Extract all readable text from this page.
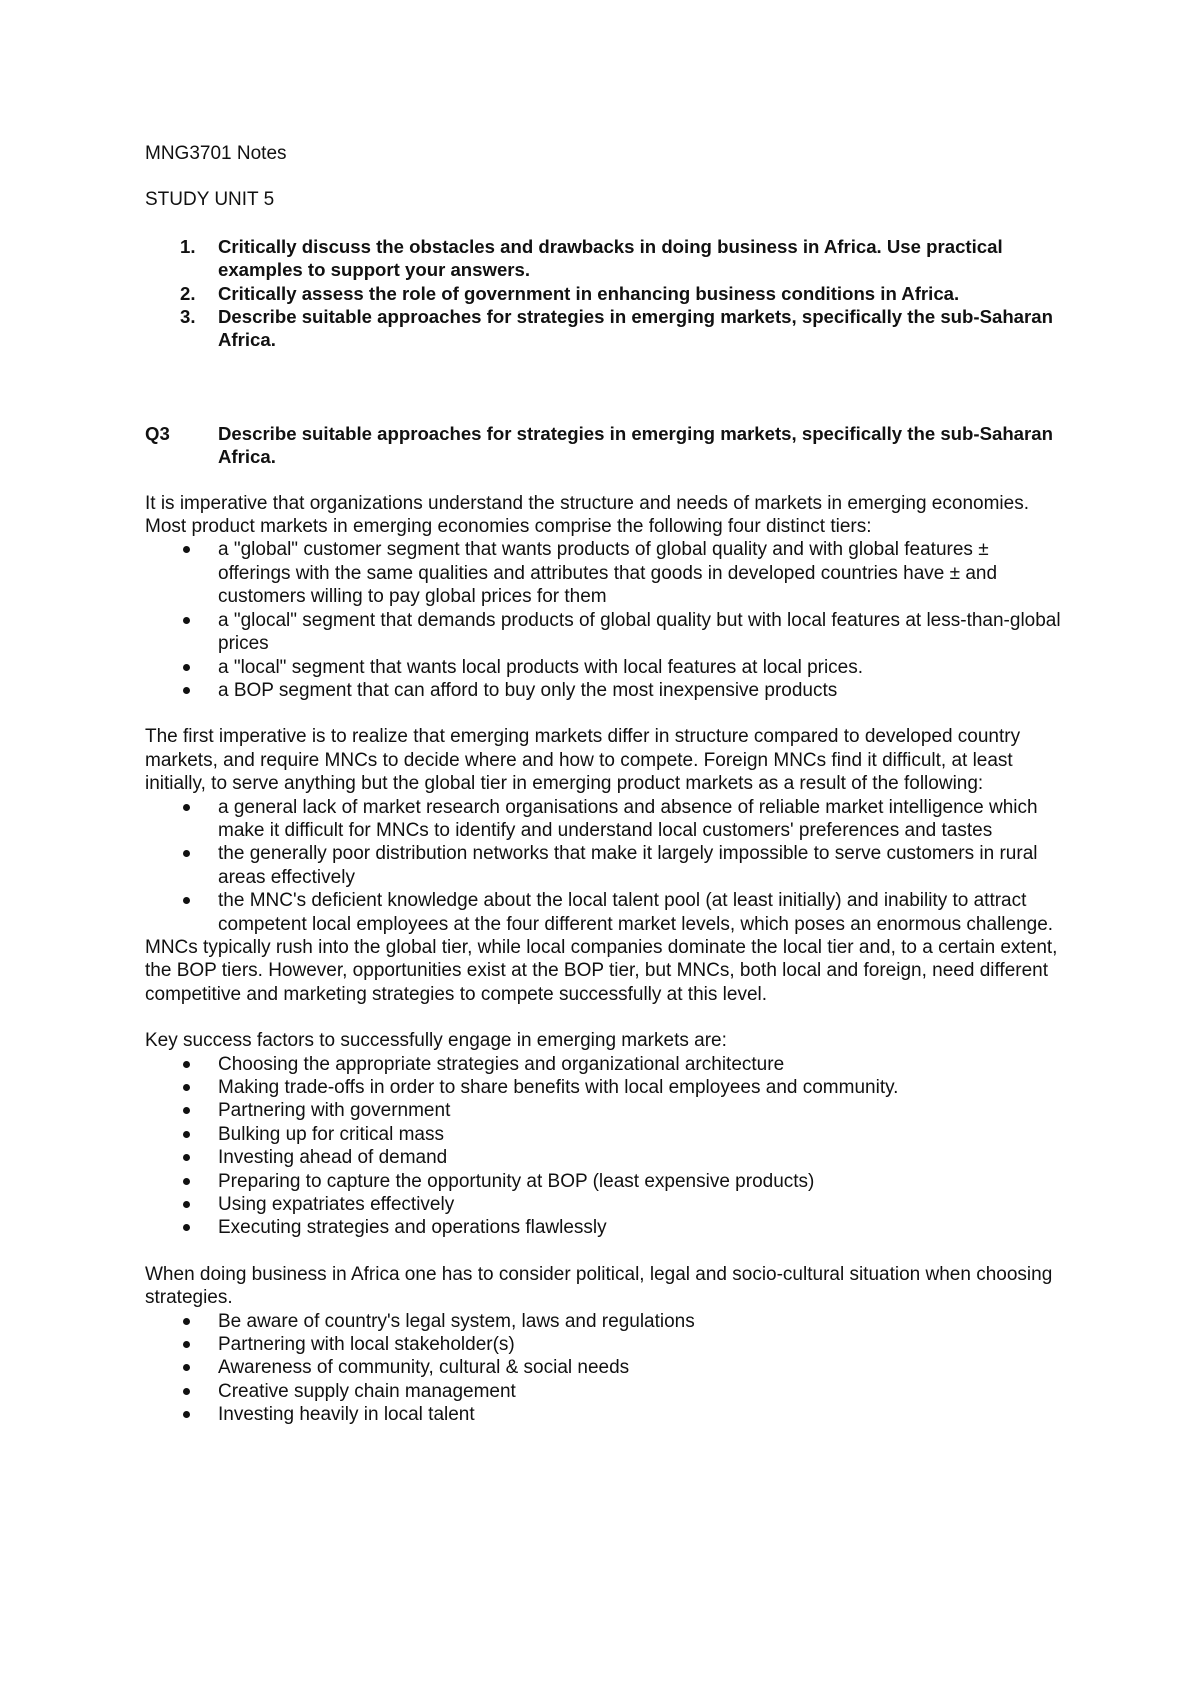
MNG3701 Notes

STUDY UNIT 5

1. Critically discuss the obstacles and drawbacks in doing business in Africa. Use practical examples to support your answers.
2. Critically assess the role of government in enhancing business conditions in Africa.
3. Describe suitable approaches for strategies in emerging markets, specifically the sub-Saharan Africa.
Q3	Describe suitable approaches for strategies in emerging markets, specifically the sub-Saharan Africa.

It is imperative that organizations understand the structure and needs of markets in emerging economies. Most product markets in emerging economies comprise the following four distinct tiers:

a "global" customer segment that wants products of global quality and with global features ± offerings with the same qualities and attributes that goods in developed countries have ± and customers willing to pay global prices for them
a "glocal" segment that demands products of global quality but with local features at less-than-global prices
a "local" segment that wants local products with local features at local prices.
a BOP segment that can afford to buy only the most inexpensive products

The first imperative is to realize that emerging markets differ in structure compared to developed country markets, and require MNCs to decide where and how to compete. Foreign MNCs find it difficult, at least initially, to serve anything but the global tier in emerging product markets as a result of the following:

a general lack of market research organisations and absence of reliable market intelligence which make it difficult for MNCs to identify and understand local customers' preferences and tastes
the generally poor distribution networks that make it largely impossible to serve customers in rural areas effectively
the MNC's deficient knowledge about the local talent pool (at least initially) and inability to attract competent local employees at the four different market levels, which poses an enormous challenge.

MNCs typically rush into the global tier, while local companies dominate the local tier and, to a certain extent, the BOP tiers. However, opportunities exist at the BOP tier, but MNCs, both local and foreign, need different competitive and marketing strategies to compete successfully at this level.

Key success factors to successfully engage in emerging markets are:

Choosing the appropriate strategies and organizational architecture
Making trade-offs in order to share benefits with local employees and community.
Partnering with government
Bulking up for critical mass
Investing ahead of demand
Preparing to capture the opportunity at BOP (least expensive products)
Using expatriates effectively
Executing strategies and operations flawlessly

When doing business in Africa one has to consider political, legal and socio-cultural situation when choosing strategies.

Be aware of country's legal system, laws and regulations
Partnering with local stakeholder(s)
Awareness of community, cultural & social needs
Creative supply chain management
Investing heavily in local talent
